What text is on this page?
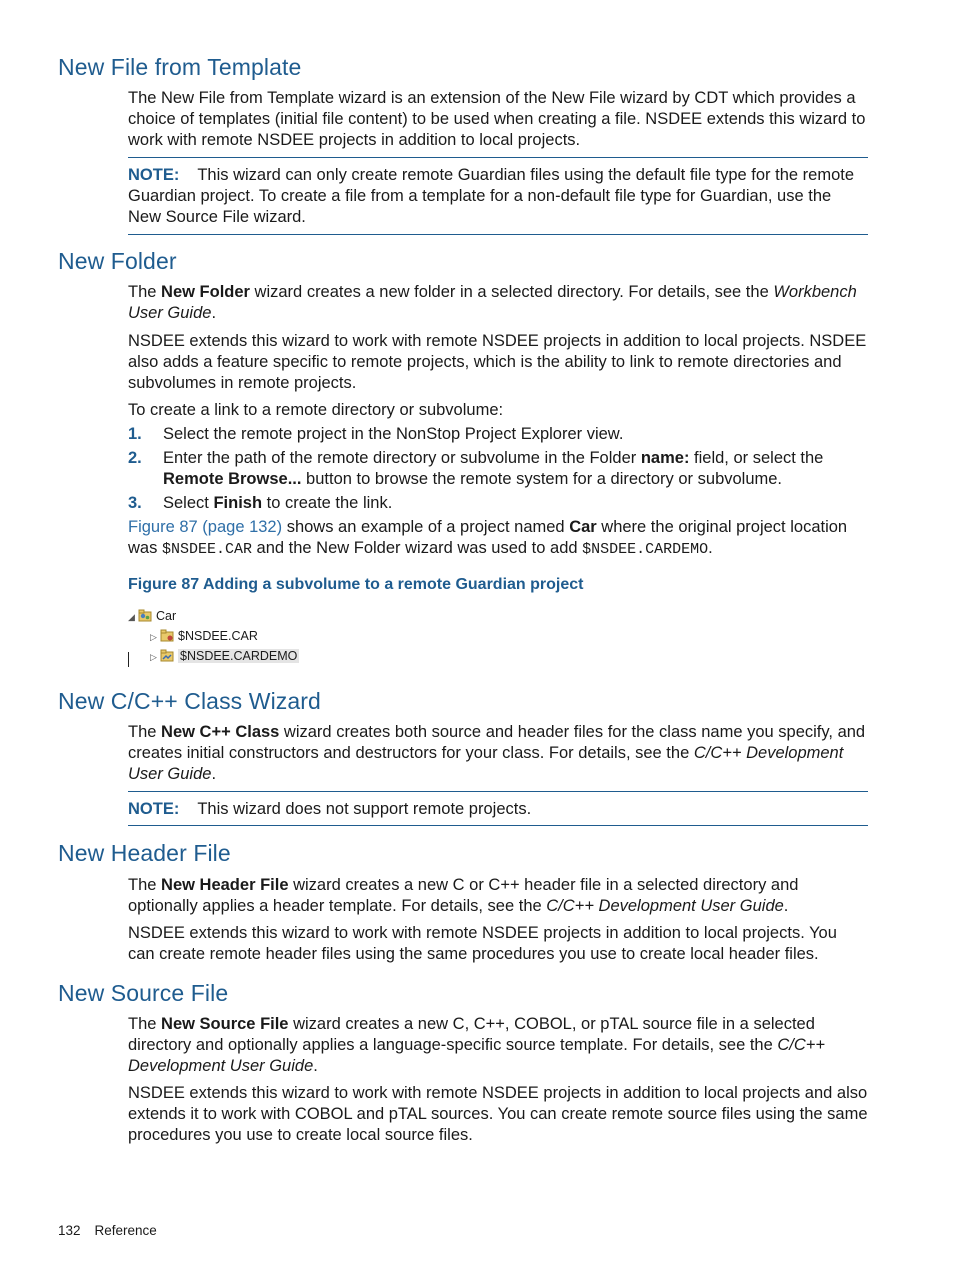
New File from Template

The New File from Template wizard is an extension of the New File wizard by CDT which provides a choice of templates (initial file content) to be used when creating a file. NSDEE extends this wizard to work with remote NSDEE projects in addition to local projects.

NOTE: This wizard can only create remote Guardian files using the default file type for the remote Guardian project. To create a file from a template for a non-default file type for Guardian, use the New Source File wizard.
New Folder

The New Folder wizard creates a new folder in a selected directory. For details, see the Workbench User Guide.

NSDEE extends this wizard to work with remote NSDEE projects in addition to local projects. NSDEE also adds a feature specific to remote projects, which is the ability to link to remote directories and subvolumes in remote projects.

To create a link to a remote directory or subvolume:

1. Select the remote project in the NonStop Project Explorer view.
2. Enter the path of the remote directory or subvolume in the Folder name: field, or select the Remote Browse... button to browse the remote system for a directory or subvolume.
3. Select Finish to create the link.

Figure 87 (page 132) shows an example of a project named Car where the original project location was $NSDEE.CAR and the New Folder wizard was used to add $NSDEE.CARDEMO.

Figure 87 Adding a subvolume to a remote Guardian project
◢ Car
▷ $NSDEE.CAR
▷ $NSDEE.CARDEMO
New C/C++ Class Wizard

The New C++ Class wizard creates both source and header files for the class name you specify, and creates initial constructors and destructors for your class. For details, see the C/C++ Development User Guide.

NOTE: This wizard does not support remote projects.
New Header File

The New Header File wizard creates a new C or C++ header file in a selected directory and optionally applies a header template. For details, see the C/C++ Development User Guide.

NSDEE extends this wizard to work with remote NSDEE projects in addition to local projects. You can create remote header files using the same procedures you use to create local header files.

New Source File

The New Source File wizard creates a new C, C++, COBOL, or pTAL source file in a selected directory and optionally applies a language-specific source template. For details, see the C/C++ Development User Guide.

NSDEE extends this wizard to work with remote NSDEE projects in addition to local projects and also extends it to work with COBOL and pTAL sources. You can create remote source files using the same procedures you use to create local source files.

132 Reference
